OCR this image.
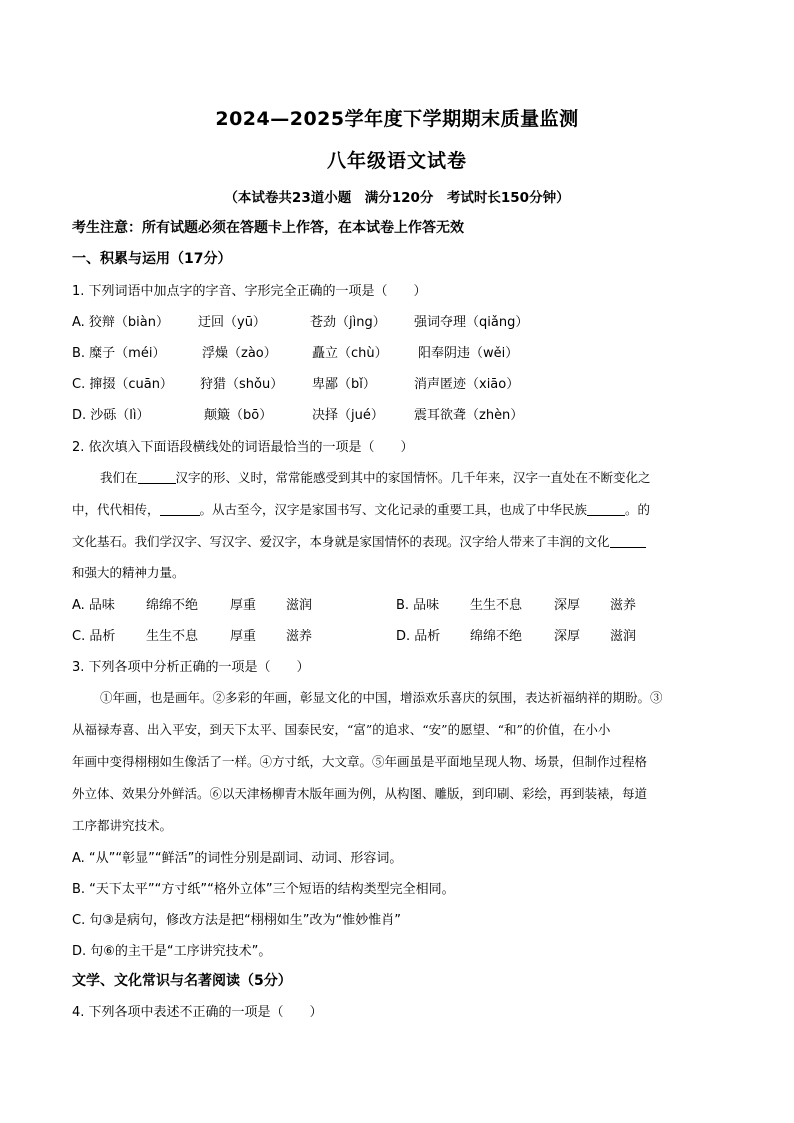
2024—2025学年度下学期期末质量监测
八年级语文试卷
（本试卷共23道小题　满分120分　考试时长150分钟）
考生注意：所有试题必须在答题卡上作答，在本试卷上作答无效
一、积累与运用（17分）
1. 下列词语中加点字的字音、字形完全正确的一项是（　　）
A. 狡辩（biàn） 迂回（yū）	苍劲（jìng） 强词夺理（qiǎng）
B. 糜子（méi）	浮燥（zào）	矗立（chù） 阳奉阴违（wěi）
C. 撺掇（cuān） 狩猎（shǒu） 卑鄙（bǐ）	消声匿迹（xiāo）
D. 沙砾（lì）	颠簸（bō）	决择（jué） 震耳欲聋（zhèn）
2. 依次填入下面语段横线处的词语最恰当的一项是（　　）
我们在	汉字的形、义时，常常能感受到其中的家国情怀。几千年来，汉字一直处在不断变化之
中，代代相传，	。从古至今，汉字是家国书写、文化记录的重要工具，也成了中华民族	。的
文化基石。我们学汉字、写汉字、爱汉字，本身就是家国情怀的表现。汉字给人带来了丰润的文化
和强大的精神力量。
A. 品味 绵绵不绝 厚重 滋润	B. 品味 生生不息 深厚 滋养
C. 品析 生生不息 厚重 滋养	D. 品析 绵绵不绝 深厚 滋润
3. 下列各项中分析正确的一项是（　　）
①年画，也是画年。②多彩的年画，彰显文化的中国，增添欢乐喜庆的氛围，表达祈福纳祥的期盼。③
从福禄寿喜、出入平安，到天下太平、国泰民安，“富”的追求、“安”的愿望、“和”的价值，在小小
年画中变得栩栩如生像活了一样。④方寸纸，大文章。⑤年画虽是平面地呈现人物、场景，但制作过程格
外立体、效果分外鲜活。⑥以天津杨柳青木版年画为例，从构图、雕版，到印刷、彩绘，再到装裱，每道
工序都讲究技术。
A. “从”“彰显”“鲜活”的词性分别是副词、动词、形容词。
B. “天下太平”“方寸纸”“格外立体”三个短语的结构类型完全相同。
C. 句③是病句，修改方法是把“栩栩如生”改为“惟妙惟肖”
D. 句⑥的主干是“工序讲究技术”。
文学、文化常识与名著阅读（5分）
4. 下列各项中表述不正确的一项是（　　）
